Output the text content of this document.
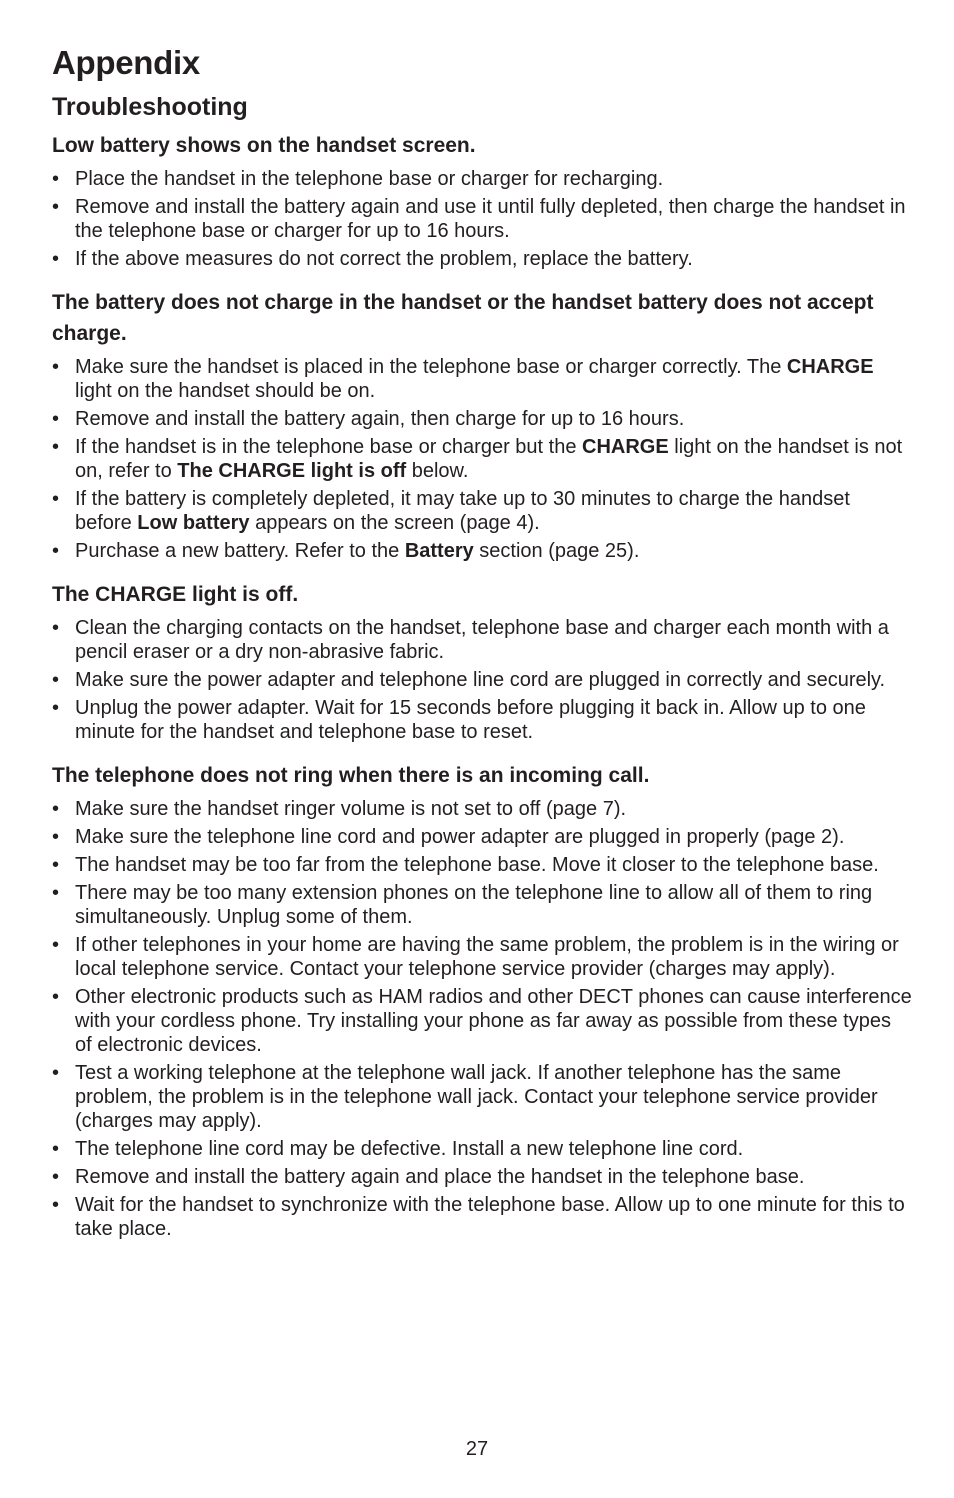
Appendix
Troubleshooting
Low battery shows on the handset screen.
• Place the handset in the telephone base or charger for recharging.
• Remove and install the battery again and use it until fully depleted, then charge the handset in the telephone base or charger for up to 16 hours.
• If the above measures do not correct the problem, replace the battery.
The battery does not charge in the handset or the handset battery does not accept charge.
• Make sure the handset is placed in the telephone base or charger correctly. The CHARGE light on the handset should be on.
• Remove and install the battery again, then charge for up to 16 hours.
• If the handset is in the telephone base or charger but the CHARGE light on the handset is not on, refer to The CHARGE light is off below.
• If the battery is completely depleted, it may take up to 30 minutes to charge the handset before Low battery appears on the screen (page 4).
• Purchase a new battery. Refer to the Battery section (page 25).
The CHARGE light is off.
• Clean the charging contacts on the handset, telephone base and charger each month with a pencil eraser or a dry non-abrasive fabric.
• Make sure the power adapter and telephone line cord are plugged in correctly and securely.
• Unplug the power adapter. Wait for 15 seconds before plugging it back in. Allow up to one minute for the handset and telephone base to reset.
The telephone does not ring when there is an incoming call.
• Make sure the handset ringer volume is not set to off (page 7).
• Make sure the telephone line cord and power adapter are plugged in properly (page 2).
• The handset may be too far from the telephone base. Move it closer to the telephone base.
• There may be too many extension phones on the telephone line to allow all of them to ring simultaneously. Unplug some of them.
• If other telephones in your home are having the same problem, the problem is in the wiring or local telephone service. Contact your telephone service provider (charges may apply).
• Other electronic products such as HAM radios and other DECT phones can cause interference with your cordless phone. Try installing your phone as far away as possible from these types of electronic devices.
• Test a working telephone at the telephone wall jack. If another telephone has the same problem, the problem is in the telephone wall jack. Contact your telephone service provider (charges may apply).
• The telephone line cord may be defective. Install a new telephone line cord.
• Remove and install the battery again and place the handset in the telephone base.
• Wait for the handset to synchronize with the telephone base. Allow up to one minute for this to take place.
27
